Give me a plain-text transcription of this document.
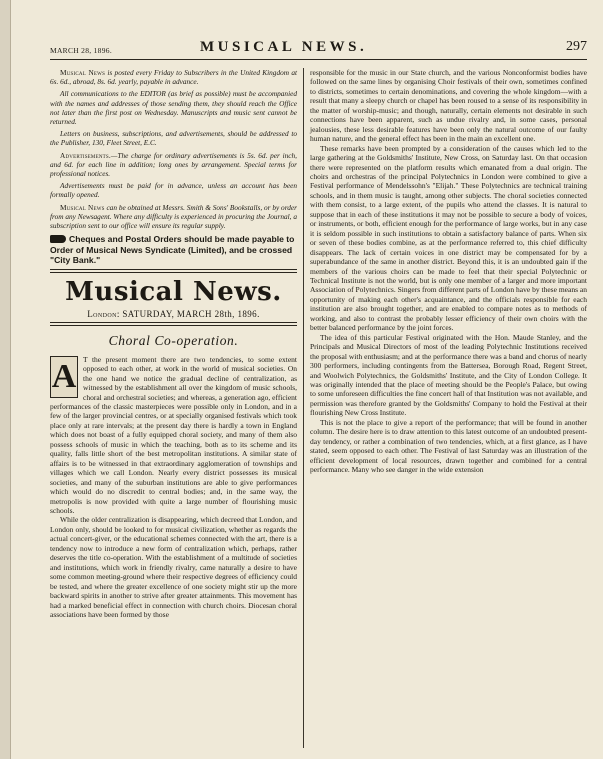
MARCH 28, 1896.	MUSICAL NEWS.	297

Musical News is posted every Friday to Subscribers in the United Kingdom at 6s. 6d., abroad, 8s. 6d. yearly, payable in advance.

All communications to the EDITOR (as brief as possible) must be accompanied with the names and addresses of those sending them, they should reach the Office not later than the first post on Wednesday. Manuscripts and music sent cannot be returned.

Letters on business, subscriptions, and advertisements, should be addressed to the Publisher, 130, Fleet Street, E.C.

Advertisements.—The charge for ordinary advertisements is 5s. 6d. per inch, and 6d. for each line in addition; long ones by arrangement. Special terms for professional notices.

Advertisements must be paid for in advance, unless an account has been formally opened.

Musical News can be obtained at Messrs. Smith & Sons' Bookstalls, or by order from any Newsagent. Where any difficulty is experienced in procuring the Journal, a subscription sent to our office will ensure its regular supply.

Cheques and Postal Orders should be made payable to Order of Musical News Syndicate (Limited), and be crossed "City Bank."

Musical News.
London: SATURDAY, MARCH 28th, 1896.
Choral Co-operation.
A T the present moment there are two tendencies, to some extent opposed to each other, at work in the world of musical societies. On the one hand we notice the gradual decline of centralization, as witnessed by the establishment all over the kingdom of music schools, choral and orchestral societies; and whereas, a generation ago, efficient performances of the classic masterpieces were possible only in London, and in a few of the larger provincial centres, or at specially organised festivals which took place only at rare intervals; at the present day there is hardly a town in England which does not boast of a fully equipped choral society, and many of them also possess schools of music in which the teaching, both as to its scheme and its quality, falls little short of the best metropolitan institutions. A similar state of affairs is to be witnessed in that extraordinary agglomeration of townships and villages which we call London. Nearly every district possesses its musical societies, and many of the suburban institutions are able to give performances which would do no discredit to central bodies; and, in the same way, the metropolis is now provided with quite a large number of flourishing music schools.

While the older centralization is disappearing, which decreed that London, and London only, should be looked to for musical civilization, whether as regards the actual concert-giver, or the educational schemes connected with the art, there is a tendency now to introduce a new form of centralization which, perhaps, rather deserves the title co-operation. With the establishment of a multitude of societies and institutions, which work in friendly rivalry, came naturally a desire to have some common meeting-ground where their respective degrees of efficiency could be tested, and where the greater excellence of one society might stir up the more backward spirits in another to strive after greater attainments. This movement has had a marked beneficial effect in connection with church choirs. Diocesan choral associations have been formed by those

responsible for the music in our State church, and the various Nonconformist bodies have followed on the same lines by organising Choir festivals of their own, sometimes confined to districts, sometimes to certain denominations, and covering the whole kingdom—with a result that many a sleepy church or chapel has been roused to a sense of its responsibility in the matter of worship-music; and though, naturally, certain elements not desirable in such connections have been apparent, such as undue rivalry and, in some cases, personal jealousies, these less desirable features have been only the natural outcome of our faulty human nature, and the general effect has been in the main an excellent one.

These remarks have been prompted by a consideration of the causes which led to the large gathering at the Goldsmiths' Institute, New Cross, on Saturday last. On that occasion there were represented on the platform results which emanated from a dual origin. The choirs and orchestras of the principal Polytechnics in London were combined to give a Festival performance of Mendelssohn's "Elijah." These Polytechnics are technical training schools, and in them music is taught, among other subjects. The choral societies connected with them consist, to a large extent, of the pupils who attend the classes. It is natural to suppose that in each of these institutions it may not be possible to secure a body of voices, or instruments, or both, efficient enough for the performance of large works, but in any case it is seldom possible in such institutions to obtain a satisfactory balance of parts. When six or seven of these bodies combine, as at the performance referred to, this chief difficulty disappears. The lack of certain voices in one district may be compensated for by a superabundance of the same in another district. Beyond this, it is an undoubted gain if the members of the various choirs can be made to feel that their special Polytechnic or Technical Institute is not the world, but is only one member of a larger and more important Association of Polytechnics. Singers from different parts of London have by these means an opportunity of making each other's acquaintance, and the officials responsible for each institution are also brought together, and are enabled to compare notes as to methods of working, and also to contrast the probably lesser efficiency of their own choirs with the better balanced performance by the joint forces.

The idea of this particular Festival originated with the Hon. Maude Stanley, and the Principals and Musical Directors of most of the leading Polytechnic Institutions received the proposal with enthusiasm; and at the performance there was a band and chorus of nearly 300 performers, including contingents from the Battersea, Borough Road, Regent Street, and Woolwich Polytechnics, the Goldsmiths' Institute, and the City of London College. It was originally intended that the place of meeting should be the People's Palace, but owing to some unforeseen difficulties the fine concert hall of that Institution was not available, and permission was therefore granted by the Goldsmiths' Company to hold the Festival at their flourishing New Cross Institute.

This is not the place to give a report of the performance; that will be found in another column. The desire here is to draw attention to this latest outcome of an undoubted present-day tendency, or rather a combination of two tendencies, which, at a first glance, as I have stated, seem opposed to each other. The Festival of last Saturday was an illustration of the efficient development of local resources, drawn together and combined for a central performance. Many who see danger in the wide extension
